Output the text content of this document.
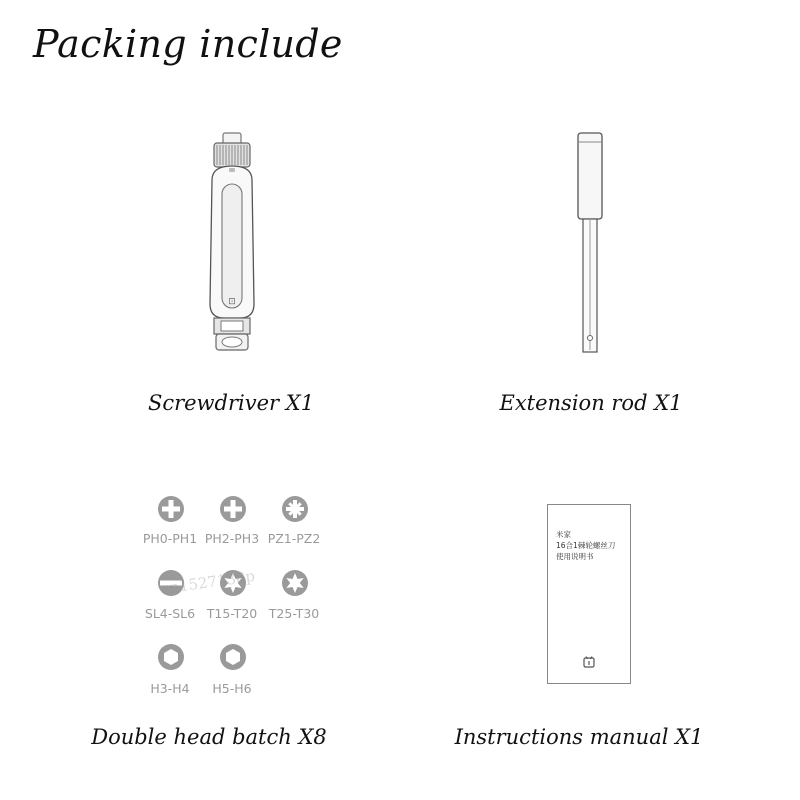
Packing include
⊡
Screwdriver X1	Extension rod X1
PH0-PH1 PH2-PH3 PZ1-PZ2
SL4-SL6 T15-T20 T25-T30
H3-H4 H5-H6
cn1527138p
Double head batch X8
米家
16合1棘轮螺丝刀
使用说明书
Instructions manual X1
